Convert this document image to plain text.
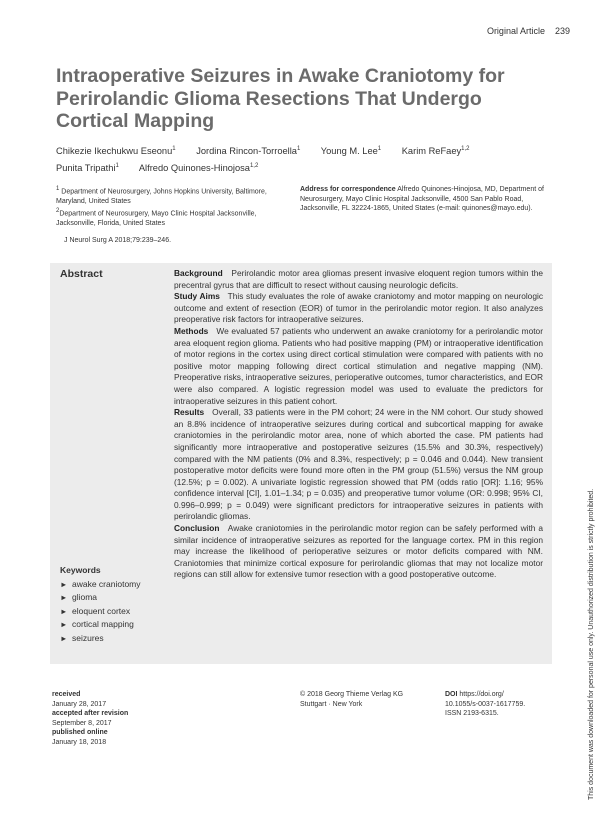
Original Article 239
Intraoperative Seizures in Awake Craniotomy for Perirolandic Glioma Resections That Undergo Cortical Mapping
Chikezie Ikechukwu Eseonu$^1$ Jordina Rincon-Torroella$^1$ Young M. Lee$^1$ Karim ReFaey$^{1,2}$
Punita Tripathi$^1$ Alfredo Quinones-Hinojosa$^{1,2}$
$^1$ Department of Neurosurgery, Johns Hopkins University, Baltimore, Maryland, United States
$^2$Department of Neurosurgery, Mayo Clinic Hospital Jacksonville, Jacksonville, Florida, United States
Address for correspondence Alfredo Quinones-Hinojosa, MD, Department of Neurosurgery, Mayo Clinic Hospital Jacksonville, 4500 San Pablo Road, Jacksonville, FL 32224-1865, United States (e-mail: quinones@mayo.edu).
J Neurol Surg A 2018;79:239–246.
Abstract	Background Perirolandic motor area gliomas present invasive eloquent region tumors within the precentral gyrus that are difficult to resect without causing neurologic deficits.

Study Aims This study evaluates the role of awake craniotomy and motor mapping on neurologic outcome and extent of resection (EOR) of tumor in the perirolandic motor region. It also analyzes preoperative risk factors for intraoperative seizures.

Methods We evaluated 57 patients who underwent an awake craniotomy for a perirolandic motor area eloquent region glioma. Patients who had positive mapping (PM) or intraoperative identification of motor regions in the cortex using direct cortical stimulation were compared with patients with no positive motor mapping following direct cortical stimulation and negative mapping (NM). Preoperative risks, intraoperative seizures, perioperative outcomes, tumor characteristics, and EOR were also compared. A logistic regression model was used to evaluate the predictors for intraoperative seizures in this patient cohort.

Results Overall, 33 patients were in the PM cohort; 24 were in the NM cohort. Our study showed an 8.8% incidence of intraoperative seizures during cortical and subcortical mapping for awake craniotomies in the perirolandic motor area, none of which aborted the case. PM patients had significantly more intraoperative and postoperative seizures (15.5% and 30.3%, respectively) compared with the NM patients (0% and 8.3%, respectively; p = 0.046 and 0.044). New transient postoperative motor deficits were found more often in the PM group (51.5%) versus the NM group (12.5%; p = 0.002). A univariate logistic regression showed that PM (odds ratio [OR]: 1.16; 95% confidence interval [CI], 1.01–1.34; p = 0.035) and preoperative tumor volume (OR: 0.998; 95% CI, 0.996–0.999; p = 0.049) were significant predictors for intraoperative seizures in patients with perirolandic gliomas.

Conclusion Awake craniotomies in the perirolandic motor region can be safely performed with a similar incidence of intraoperative seizures as reported for the language cortex. PM in this region may increase the likelihood of perioperative seizures or motor deficits compared with NM. Craniotomies that minimize cortical exposure for perirolandic gliomas that may not localize motor regions can still allow for extensive tumor resection with a good postoperative outcome.

Keywords
► awake craniotomy
► glioma
► eloquent cortex
► cortical mapping
► seizures
received
January 28, 2017
accepted after revision
September 8, 2017
published online
January 18, 2018
© 2018 Georg Thieme Verlag KG
Stuttgart · New York
DOI https://doi.org/
10.1055/s-0037-1617759.
ISSN 2193-6315.	This document was downloaded for personal use only. Unauthorized distribution is strictly prohibited.
